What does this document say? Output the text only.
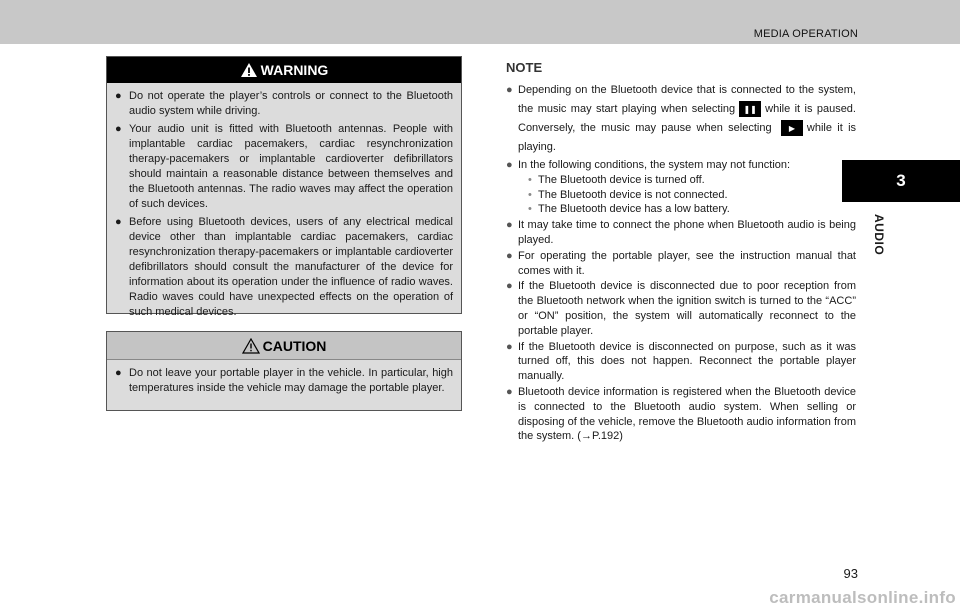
MEDIA OPERATION
3
AUDIO
WARNING
● Do not operate the player’s controls or connect to the Bluetooth audio system while driving.
● Your audio unit is fitted with Bluetooth antennas. People with implantable cardiac pacemakers, cardiac resynchronization therapy-pacemakers or implantable cardioverter defibrillators should maintain a reasonable distance between themselves and the Bluetooth antennas. The radio waves may affect the operation of such devices.
● Before using Bluetooth devices, users of any electrical medical device other than implantable cardiac pacemakers, cardiac resynchronization therapy-pacemakers or implantable cardioverter defibrillators should consult the manufacturer of the device for information about its operation under the influence of radio waves. Radio waves could have unexpected effects on the operation of such medical devices.
CAUTION
● Do not leave your portable player in the vehicle. In particular, high temperatures inside the vehicle may damage the portable player.
NOTE
● Depending on the Bluetooth device that is connected to the system, the music may start playing when selecting ❚❚ while it is paused. Conversely, the music may pause when selecting ▶ while it is playing.
● In the following conditions, the system may not function:
• The Bluetooth device is turned off.
• The Bluetooth device is not connected.
• The Bluetooth device has a low battery.
● It may take time to connect the phone when Bluetooth audio is being played.
● For operating the portable player, see the instruction manual that comes with it.
● If the Bluetooth device is disconnected due to poor reception from the Bluetooth network when the ignition switch is turned to the “ACC” or “ON” position, the system will automatically reconnect to the portable player.
● If the Bluetooth device is disconnected on purpose, such as it was turned off, this does not happen. Reconnect the portable player manually.
● Bluetooth device information is registered when the Bluetooth device is connected to the Bluetooth audio system. When selling or disposing of the vehicle, remove the Bluetooth audio information from the system. (→P.192)
93
carmanualsonline.info
